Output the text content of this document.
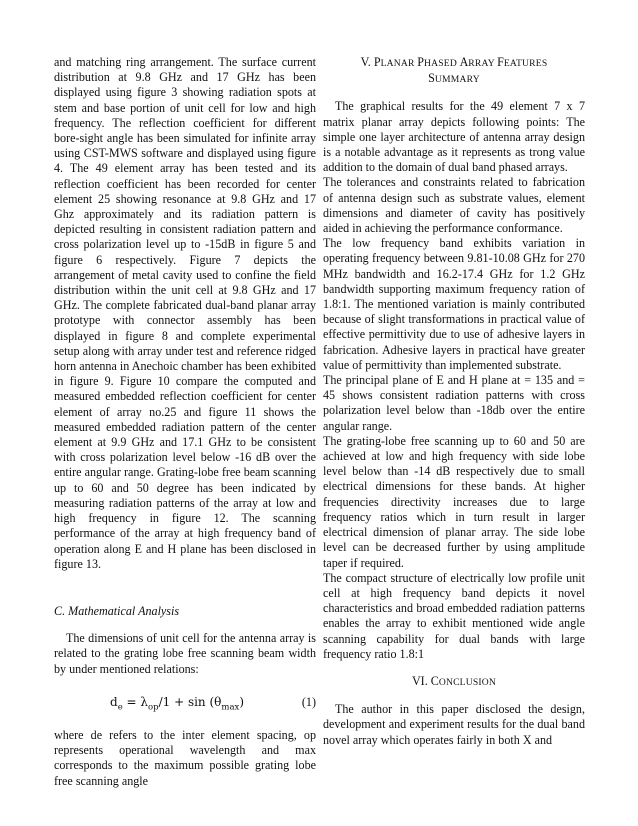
and matching ring arrangement. The surface current distribution at 9.8 GHz and 17 GHz has been displayed using figure 3 showing radiation spots at stem and base portion of unit cell for low and high frequency. The reflection coefficient for different bore-sight angle has been simulated for infinite array using CST-MWS software and displayed using figure 4. The 49 element array has been tested and its reflection coefficient has been recorded for center element 25 showing resonance at 9.8 GHz and 17 Ghz approximately and its radiation pattern is depicted resulting in consistent radiation pattern and cross polarization level up to -15dB in figure 5 and figure 6 respectively. Figure 7 depicts the arrangement of metal cavity used to confine the field distribution within the unit cell at 9.8 GHz and 17 GHz. The complete fabricated dual-band planar array prototype with connector assembly has been displayed in figure 8 and complete experimental setup along with array under test and reference ridged horn antenna in Anechoic chamber has been exhibited in figure 9. Figure 10 compare the computed and measured embedded reflection coefficient for center element of array no.25 and figure 11 shows the measured embedded radiation pattern of the center element at 9.9 GHz and 17.1 GHz to be consistent with cross polarization level below -16 dB over the entire angular range. Grating-lobe free beam scanning up to 60 and 50 degree has been indicated by measuring radiation patterns of the array at low and high frequency in figure 12. The scanning performance of the array at high frequency band of operation along E and H plane has been disclosed in figure 13.

C. Mathematical Analysis

The dimensions of unit cell for the antenna array is related to the grating lobe free scanning beam width by under mentioned relations:

$d_e = \lambda_{op}/1 + \sin (\theta_{max})$	(1)

where de refers to the inter element spacing, op represents operational wavelength and max corresponds to the maximum possible grating lobe free scanning angle

V. PLANAR PHASED ARRAY FEATURES
SUMMARY

The graphical results for the 49 element 7 x 7 matrix planar array depicts following points: The simple one layer architecture of antenna array design is a notable advantage as it represents as trong value addition to the domain of dual band phased arrays.

The tolerances and constraints related to fabrication of antenna design such as substrate values, element dimensions and diameter of cavity has positively aided in achieving the performance conformance.

The low frequency band exhibits variation in operating frequency between 9.81-10.08 GHz for 270 MHz bandwidth and 16.2-17.4 GHz for 1.2 GHz bandwidth supporting maximum frequency ration of 1.8:1. The mentioned variation is mainly contributed because of slight transformations in practical value of effective permittivity due to use of adhesive layers in fabrication. Adhesive layers in practical have greater value of permittivity than implemented substrate.

The principal plane of E and H plane at = 135 and = 45 shows consistent radiation patterns with cross polarization level below than -18db over the entire angular range.

The grating-lobe free scanning up to 60 and 50 are achieved at low and high frequency with side lobe level below than -14 dB respectively due to small electrical dimensions for these bands. At higher frequencies directivity increases due to large frequency ratios which in turn result in larger electrical dimension of planar array. The side lobe level can be decreased further by using amplitude taper if required.

The compact structure of electrically low profile unit cell at high frequency band depicts it novel characteristics and broad embedded radiation patterns enables the array to exhibit mentioned wide angle scanning capability for dual bands with large frequency ratio 1.8:1

VI. CONCLUSION

The author in this paper disclosed the design, development and experiment results for the dual band novel array which operates fairly in both X and
